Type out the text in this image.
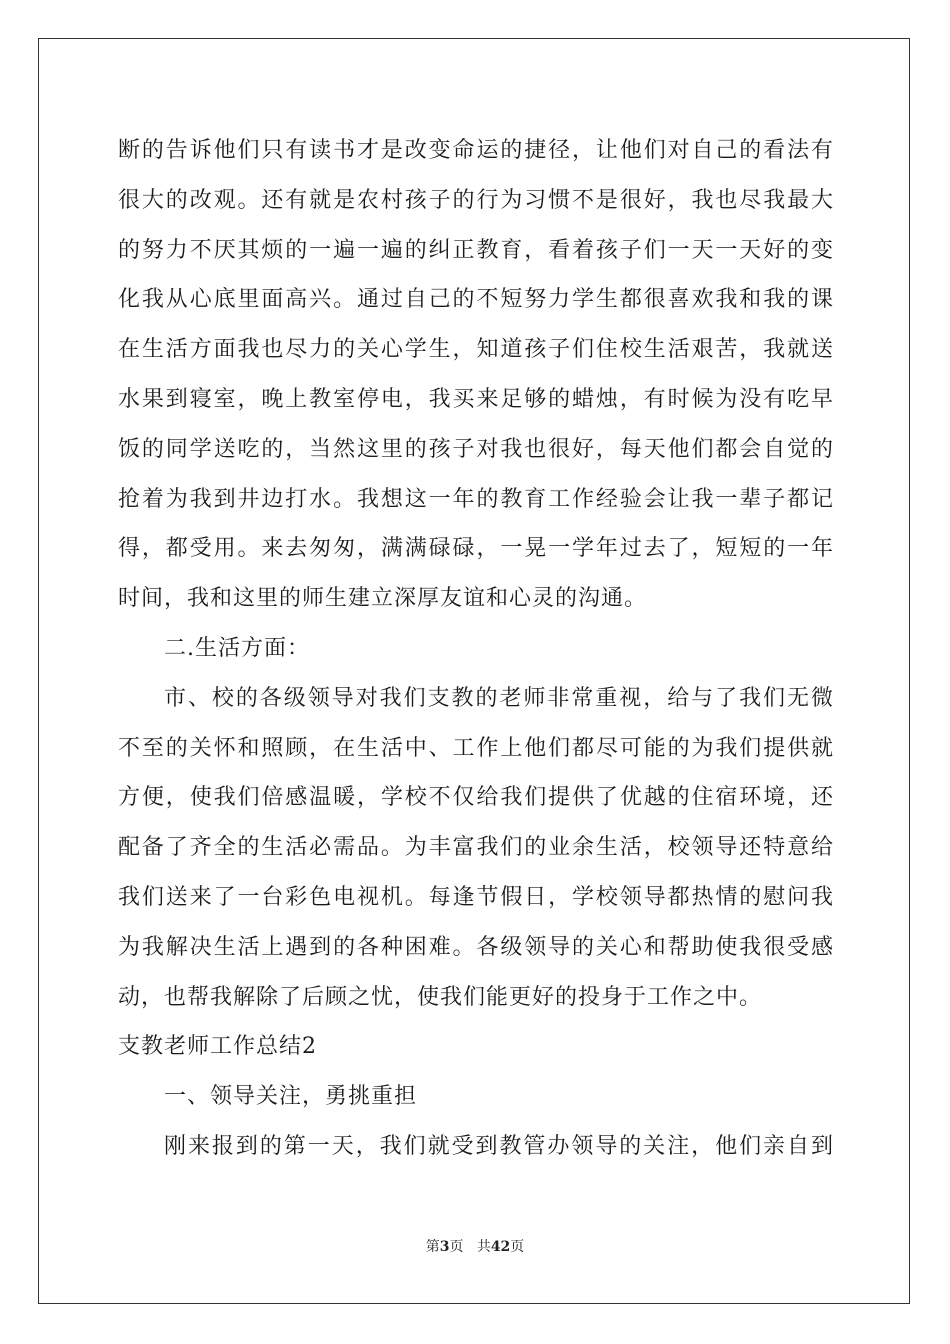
断的告诉他们只有读书才是改变命运的捷径，让他们对自己的看法有
很大的改观。还有就是农村孩子的行为习惯不是很好，我也尽我最大
的努力不厌其烦的一遍一遍的纠正教育，看着孩子们一天一天好的变
化我从心底里面高兴。通过自己的不短努力学生都很喜欢我和我的课
在生活方面我也尽力的关心学生，知道孩子们住校生活艰苦，我就送
水果到寝室，晚上教室停电，我买来足够的蜡烛，有时候为没有吃早
饭的同学送吃的，当然这里的孩子对我也很好，每天他们都会自觉的
抢着为我到井边打水。我想这一年的教育工作经验会让我一辈子都记
得，都受用。来去匆匆，满满碌碌，一晃一学年过去了，短短的一年
时间，我和这里的师生建立深厚友谊和心灵的沟通。
二.生活方面：
市、校的各级领导对我们支教的老师非常重视，给与了我们无微
不至的关怀和照顾，在生活中、工作上他们都尽可能的为我们提供就
方便，使我们倍感温暖，学校不仅给我们提供了优越的住宿环境，还
配备了齐全的生活必需品。为丰富我们的业余生活，校领导还特意给
我们送来了一台彩色电视机。每逢节假日，学校领导都热情的慰问我
为我解决生活上遇到的各种困难。各级领导的关心和帮助使我很受感
动，也帮我解除了后顾之忧，使我们能更好的投身于工作之中。
支教老师工作总结2
一、领导关注，勇挑重担
刚来报到的第一天，我们就受到教管办领导的关注，他们亲自到
第3页 共42页
